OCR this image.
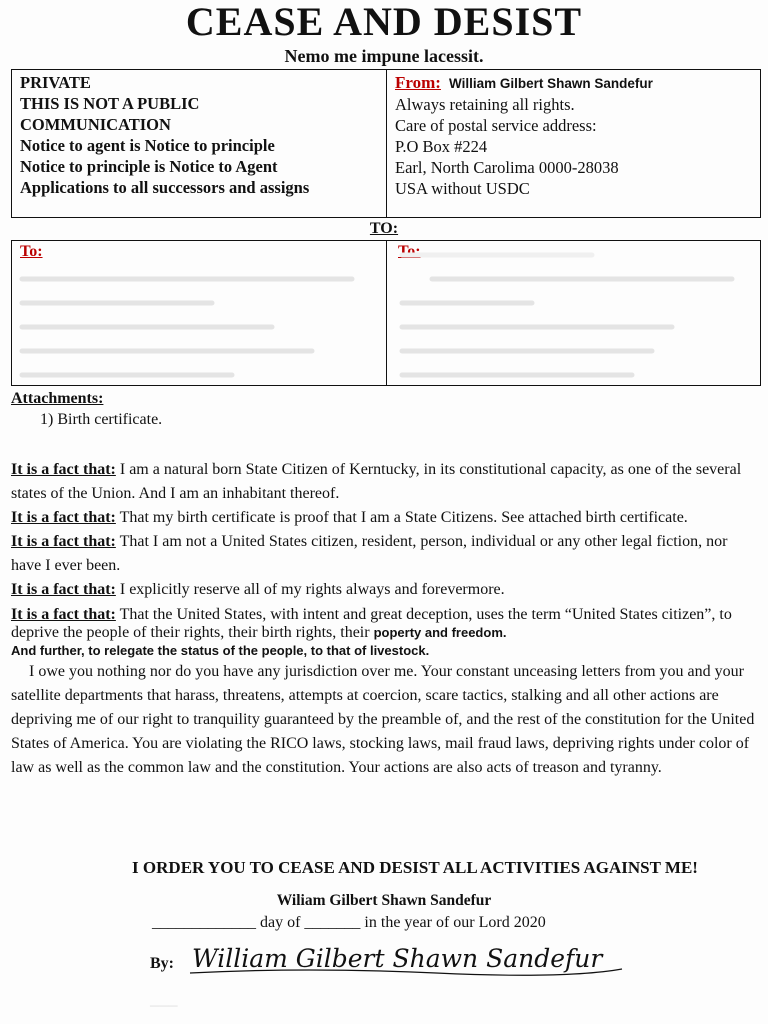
CEASE AND DESIST
Nemo me impune lacessit.
PRIVATE
THIS IS NOT A PUBLIC
COMMUNICATION
Notice to agent is Notice to principle
Notice to principle is Notice to Agent
Applications to all successors and assigns
From: William Gilbert Shawn Sandefur
Always retaining all rights.
Care of postal service address:
P.O Box #224
Earl, North Carolima 0000-28038
USA without USDC
TO:
To:	To:
Attachments:
1) Birth certificate.

It is a fact that: I am a natural born State Citizen of Kerntucky, in its constitutional capacity, as one of the several states of the Union. And I am an inhabitant thereof.

It is a fact that: That my birth certificate is proof that I am a State Citizens. See attached birth certificate.

It is a fact that: That I am not a United States citizen, resident, person, individual or any other legal fiction, nor have I ever been.

It is a fact that: I explicitly reserve all of my rights always and forevermore.

It is a fact that: That the United States, with intent and great deception, uses the term “United States citizen”, to deprive the people of their rights, their birth rights, their poperty and freedom.
And further, to relegate the status of the people, to that of livestock.

I owe you nothing nor do you have any jurisdiction over me. Your constant unceasing letters from you and your satellite departments that harass, threatens, attempts at coercion, scare tactics, stalking and all other actions are depriving me of our right to tranquility guaranteed by the preamble of, and the rest of the constitution for the United States of America. You are violating the RICO laws, stocking laws, mail fraud laws, depriving rights under color of law as well as the common law and the constitution. Your actions are also acts of treason and tyranny.

I ORDER YOU TO CEASE AND DESIST ALL ACTIVITIES AGAINST ME!
Wiliam Gilbert Shawn Sandefur
_____________ day of _______ in the year of our Lord 2020
By: William Gilbert Shawn Sandefur
───
